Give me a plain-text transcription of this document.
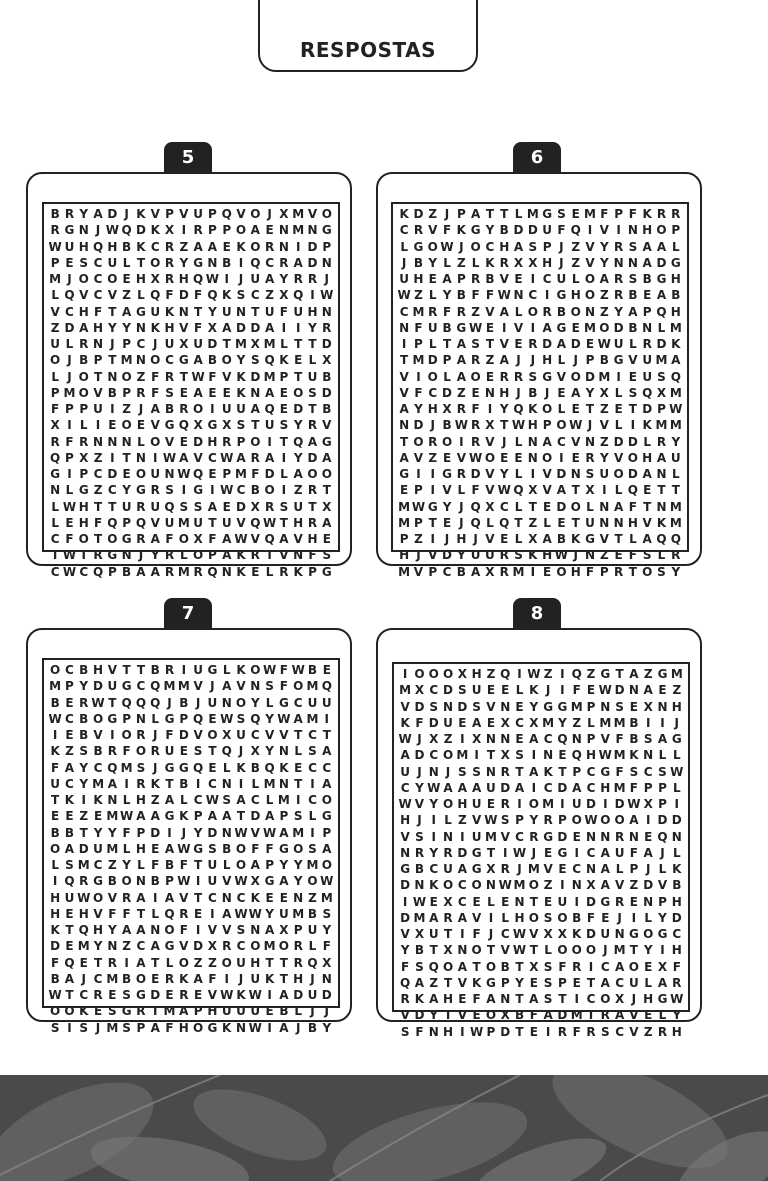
RESPOSTAS
5
B R Y A D J K V P V U P Q V O J X M V O
R G N J W Q D K X I R P P O A E N M N G
W U H Q H B K C R Z A A E K O R N I D P
P E S C U L T O R Y G N B I Q C R A D N
M J O C O E H X R H Q W I J U A Y R R J
L Q V C V Z L Q F D F Q K S C Z X Q I W
V C H F T A G U K N T Y U N T U F U H N
Z D A H Y Y N K H V F X A D D A I I Y R
U L R N J P C J U X U D T M X M L T T D
O J B P T M N O C G A B O Y S Q K E L X
L J O T N O Z F R T W F V K D M P T U B
P M O V B P R F S E A E E K N A E O S D
F P P U I Z J A B R O I U U A Q E D T B
X I L I E O E V G Q X G X S T U S Y R V
R F R N N N L O V E D H R P O I T Q A G
Q P X Z I T N I W A V C W A R A I Y D A
G I P C D E O U N W Q E P M F D L A O O
N L G Z C Y G R S I G I W C B O I Z R T
L W H T T U R U Q S S A E D X R S U T X
L E H F Q P Q V U M U T U V Q W T H R A
C F O T O G R A F O X F A W V Q A V H E
T W T R G N J Y R L O P A K R T V N F S
C W C Q P B A A R M R Q N K E L R K P G
6
K D Z J P A T T L M G S E M F P F K R R
C R V F K G Y B D D U F Q I V I N H O P
L G O W J O C H A S P J Z V Y R S A A L
J B Y L Z L K R X X H J Z V Y N N A D G
U H E A P R B V E I C U L O A R S B G H
W Z L Y B F F W N C I G H O Z R B E A B
C M R F R Z V A L O R B O N Z Y A P Q H
N F U B G W E I V I A G E M O D B N L M
I P L T A S T V E R D A D E W U L R D K
T M D P A R Z A J J H L J P B G V U M A
V I O L A O E R R S G V O D M I E U S Q
V F C D Z E N H J B J E A Y X L S Q X M
A Y H X R F I Y Q K O L E T Z E T D P W
N D J B W R X T W H P O W J V L I K M M
T O R O I R V J L N A C V N Z D D L R Y
A V Z E V W O E E N O I E R Y V O H A U
G I I G R D V Y L I V D N S U O D A N L
E P I V L F V W Q X V A T X I L Q E T T
M W G Y J Q X C L T E D O L N A F T N M
M P T E J Q L Q T Z L E T U N N H V K M
P Z I J H J V E L X A B K G V T L A Q Q
H J V D Y U U R S K H W J N Z E F S L R
M V P C B A X R M I E O H F P R T O S Y
7
O C B H V T T B R I U G L K O W F W B E
M P Y D U G C Q M M V J A V N S F O M Q
B E R W T Q Q Q J B J U N O Y L G C U U
W C B O G P N L G P Q E W S Q Y W A M I
I E B V I O R J F D V O X U C V V T C T
K Z S B R F O R U E S T Q J X Y N L S A
F A Y C Q M S J G G Q E L K B Q K E C C
U C Y M A I R K T B I C N I L M N T I A
T K I K N L H Z A L C W S A C L M I C O
E E Z E M W A A G K P A A T D A P S L G
B B T Y Y F P D I J Y D N W V W A M I P
O A D U M L H E A W G S B O F F G O S A
L S M C Z Y L F B F T U L O A P Y Y M O
I Q R G B O N B P W I U V W X G A Y O W
H U W O V R A I A V T C N C K E E N Z M
H E H V F F T L Q R E I A W W Y U M B S
K T Q H Y A A N O F I V V S N A X P U Y
D E M Y N Z C A G V D X R C O M O R L F
F Q E T R I A T L O Z Z O U H T T R Q X
B A J C M B O E R K A F I J U K T H J N
W T C R E S G D E R E V W K W I A D U D
O O K E S G R I M A P H U U U E B L J J
S I S J M S P A F H O G K N W I A J B Y
8
I O O O X H Z Q I W Z I Q Z G T A Z G M
M X C D S U E E L K J I F E W D N A E Z
V D S N D S V N E Y G G M P N S E X N H
K F D U E A E X C X M Y Z L M M B I I J
W J X Z I X N N E A C Q N P V F B S A G
A D C O M I T X S I N E Q H W M K N L L
U J N J S S N R T A K T P C G F S C S W
C Y W A A A U D A I C D A C H M F P P L
W V Y O H U E R I O M I U D I D W X P I
H J I L Z V W S P Y R P O W O O A I D D
V S I N I U M V C R G D E N N R N E Q N
N R Y R D G T I W J E G I C A U F A J L
G B C U A G X R J M V E C N A L P J L K
D N K O C O N W M O Z I N X A V Z D V B
I W E X C E L E N T E U I D G R E N P H
D M A R A V I L H O S O B F E J I L Y D
V X U T I F J C W V X X K D U N G O G C
Y B T X N O T V W T L O O O J M T Y I H
F S Q O A T O B T X S F R I C A O E X F
Q A Z T V K G P Y E S P E T A C U L A R
R K A H E F A N T A S T I C O X J H G W
V D Y T V E O X B F A D M I R A V E L Y
S F N H I W P D T E I R F R S C V Z R H
